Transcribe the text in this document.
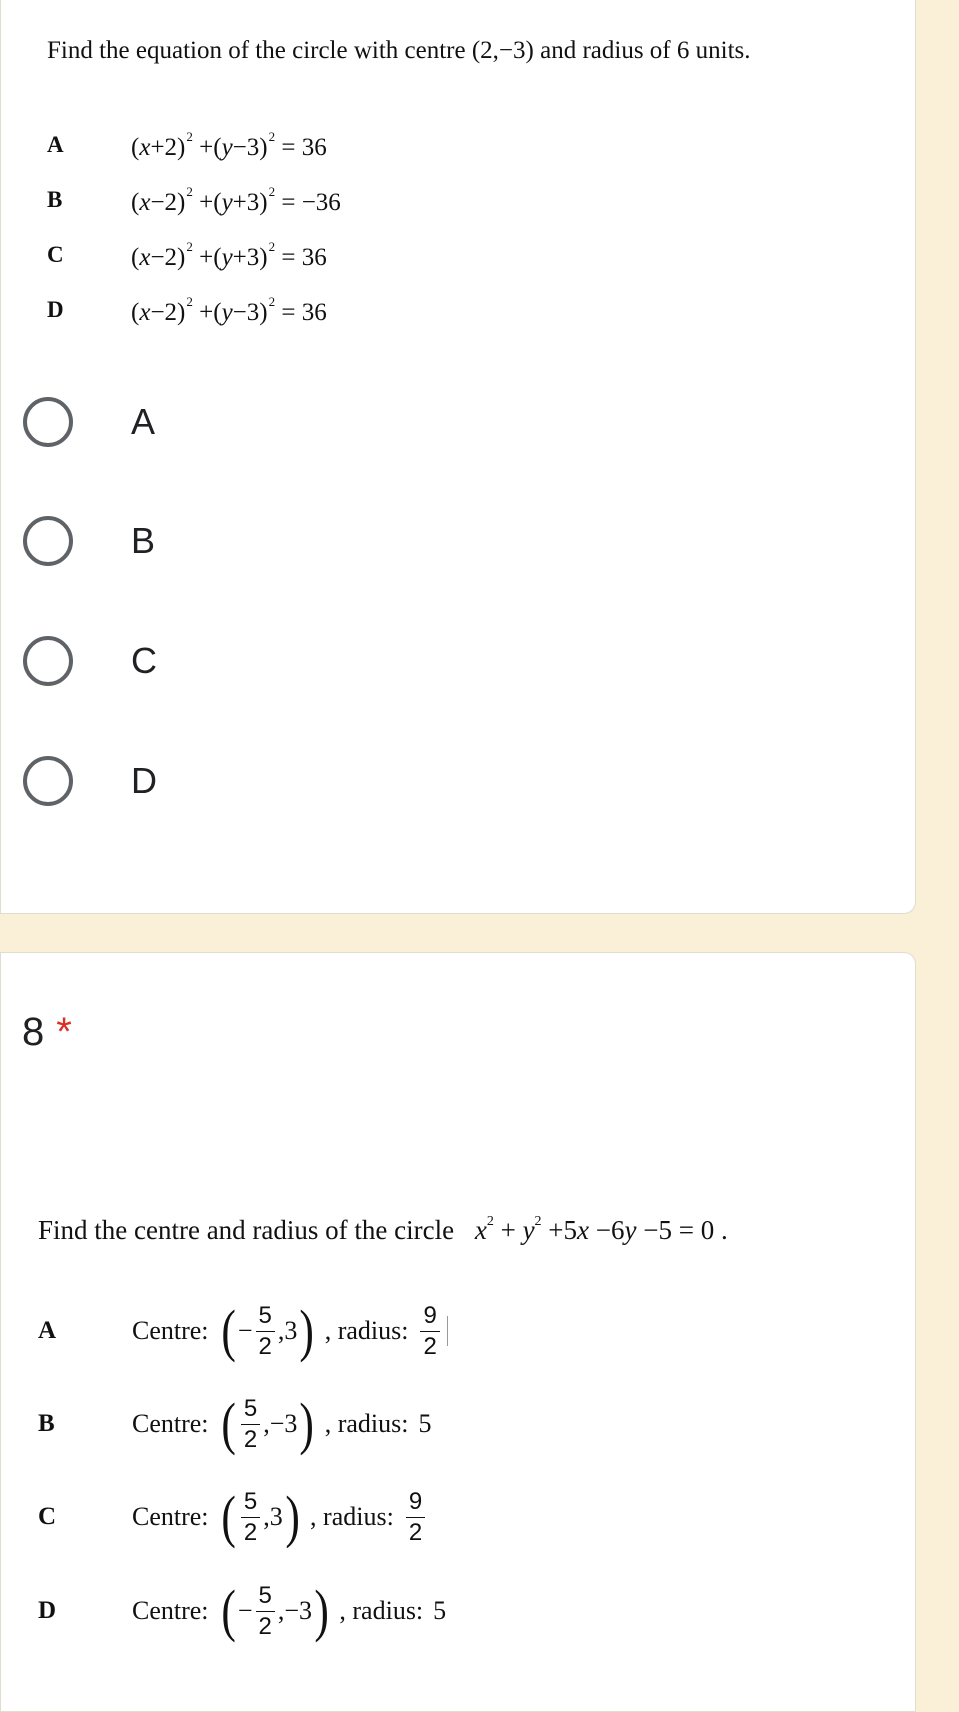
Find the equation of the circle with centre (2,−3) and radius of 6 units.
A	$(x+2)^2 +(y-3)^2 = 36$
B	$(x-2)^2 +(y+3)^2 = -36$
C	$(x-2)^2 +(y+3)^2 = 36$
D	$(x-2)^2 +(y-3)^2 = 36$
A
B
C
D
8 *
Find the centre and radius of the circle $x^2 + y^2 +5x -6y -5 = 0$ .
A	Centre: ( − $\frac{5}{2} ,3$ ) , radius: $\frac{9}{2}$
B	Centre: ( $\frac{5}{2} ,-3$ ) , radius: 5
C	Centre: ( $\frac{5}{2} ,3$ ) , radius: $\frac{9}{2}$
D	Centre: ( − $\frac{5}{2} ,-3$ ) , radius: 5
